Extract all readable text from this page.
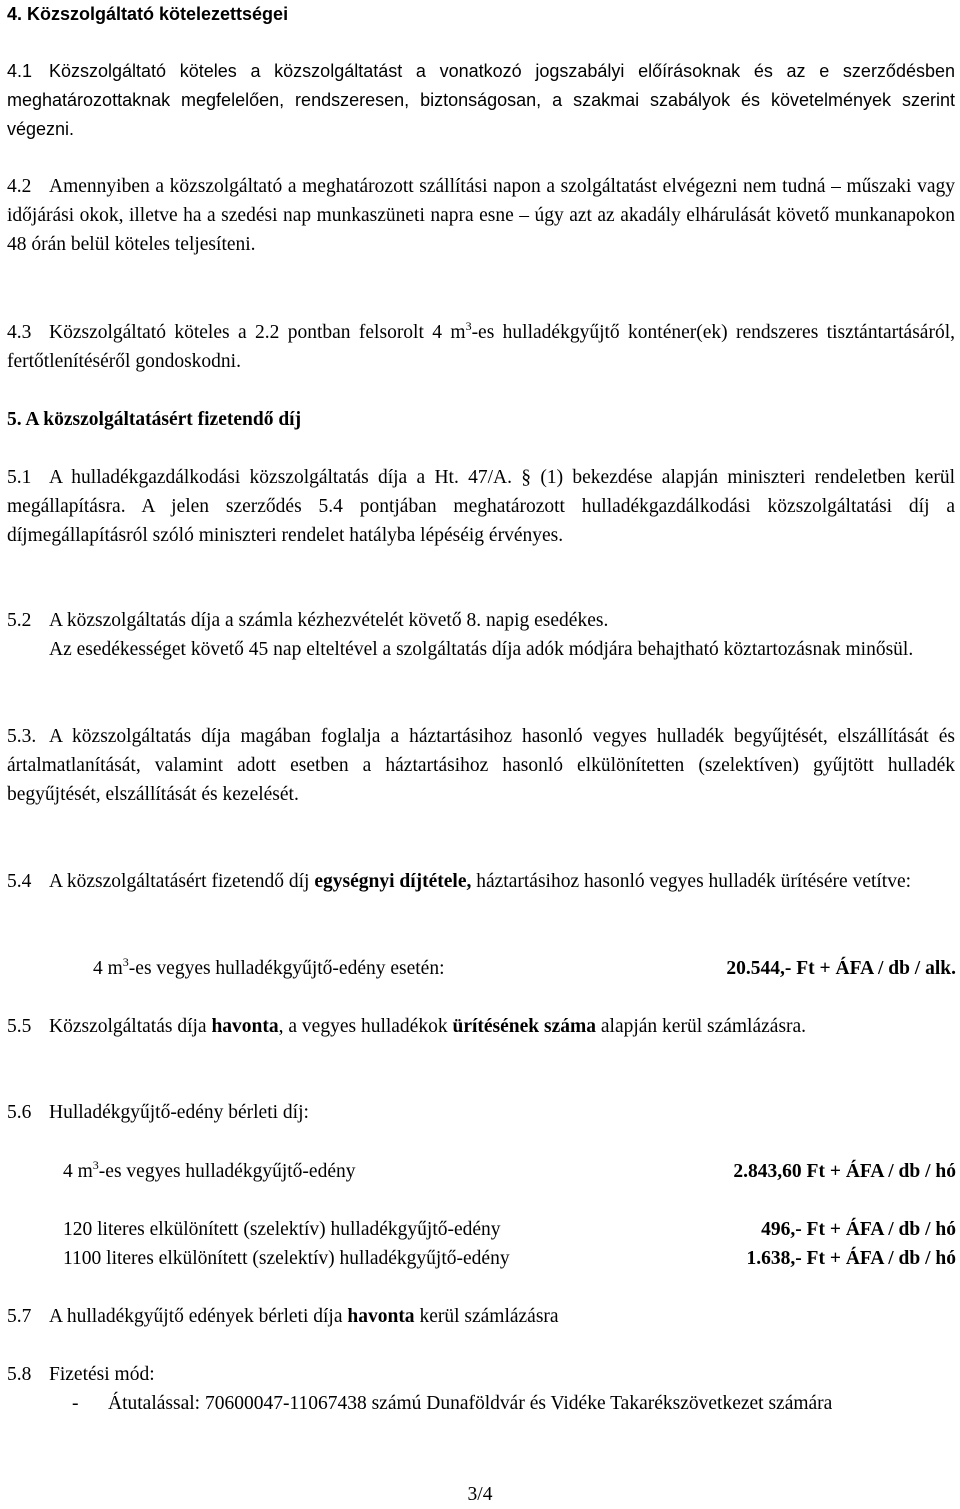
4. Közszolgáltató kötelezettségei
4.1 Közszolgáltató köteles a közszolgáltatást a vonatkozó jogszabályi előírásoknak és az e szerződésben meghatározottaknak megfelelően, rendszeresen, biztonságosan, a szakmai szabályok és követelmények szerint végezni.
4.2 Amennyiben a közszolgáltató a meghatározott szállítási napon a szolgáltatást elvégezni nem tudná – műszaki vagy időjárási okok, illetve ha a szedési nap munkaszüneti napra esne – úgy azt az akadály elhárulását követő munkanapokon 48 órán belül köteles teljesíteni.
4.3 Közszolgáltató köteles a 2.2 pontban felsorolt 4 $m^3-es$ hulladékgyűjtő konténer(ek) rendszeres tisztántartásáról, fertőtlenítéséről gondoskodni.
5. A közszolgáltatásért fizetendő díj
5.1 A hulladékgazdálkodási közszolgáltatás díja a Ht. 47/A. § (1) bekezdése alapján miniszteri rendeletben kerül megállapításra. A jelen szerződés 5.4 pontjában meghatározott hulladékgazdálkodási közszolgáltatási díj a díjmegállapításról szóló miniszteri rendelet hatályba lépéséig érvényes.
5.2 A közszolgáltatás díja a számla kézhezvételét követő 8. napig esedékes.
Az esedékességet követő 45 nap elteltével a szolgáltatás díja adók módjára behajtható köztartozásnak minősül.
5.3. A közszolgáltatás díja magában foglalja a háztartásihoz hasonló vegyes hulladék begyűjtését, elszállítását és ártalmatlanítását, valamint adott esetben a háztartásihoz hasonló elkülönítetten (szelektíven) gyűjtött hulladék begyűjtését, elszállítását és kezelését.
5.4 A közszolgáltatásért fizetendő díj egységnyi díjtétele, háztartásihoz hasonló vegyes hulladék ürítésére vetítve:
4 $m^3-es$ vegyes hulladékgyűjtő-edény esetén:	20.544,- Ft + ÁFA / db / alk.
5.5 Közszolgáltatás díja havonta, a vegyes hulladékok ürítésének száma alapján kerül számlázásra.
5.6 Hulladékgyűjtő-edény bérleti díj:
4 $m^3-es$ vegyes hulladékgyűjtő-edény	2.843,60 Ft + ÁFA / db / hó
120 literes elkülönített (szelektív) hulladékgyűjtő-edény	496,- Ft + ÁFA / db / hó
1100 literes elkülönített (szelektív) hulladékgyűjtő-edény	1.638,- Ft + ÁFA / db / hó
5.7 A hulladékgyűjtő edények bérleti díja havonta kerül számlázásra
5.8 Fizetési mód:
- Átutalással: 70600047-11067438 számú Dunaföldvár és Vidéke Takarékszövetkezet számára
3/4
